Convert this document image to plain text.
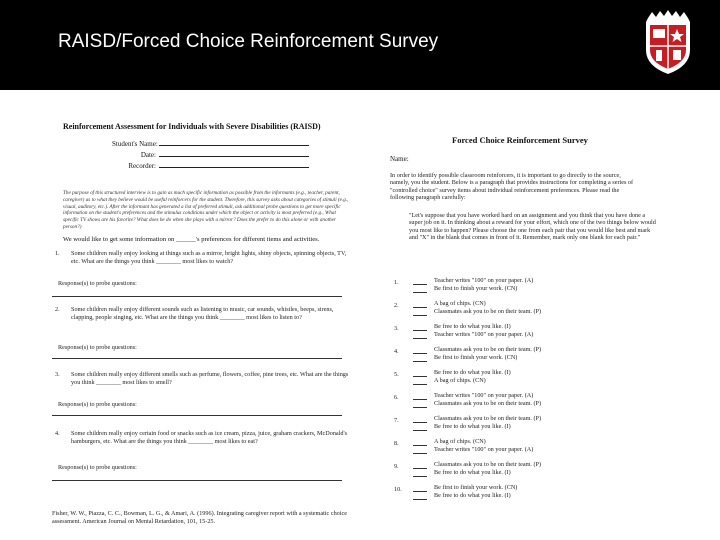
RAISD/Forced Choice Reinforcement Survey
Reinforcement Assessment for Individuals with Severe Disabilities (RAISD)
Student's Name:
Date:
Recorder:
The purpose of this structured interview is to gain as much specific information as possible from the informants (e.g., teacher, parent, caregiver) as to what they believe would be useful reinforcers for the student. Therefore, this survey asks about categories of stimuli (e.g., visual, auditory, etc.). After the informant has generated a list of preferred stimuli, ask additional probe questions to get more specific information on the student's preferences and the stimulus conditions under which the object or activity is most preferred (e.g., What specific TV shows are his favorite? What does he do when she plays with a mirror? Does the prefer to do this alone or with another person?)
We would like to get some information on ______'s preferences for different items and activities.
1. Some children really enjoy looking at things such as a mirror, bright lights, shiny objects, spinning objects, TV, etc. What are the things you think ________ most likes to watch?
Response(s) to probe questions:
2. Some children really enjoy different sounds such as listening to music, car sounds, whistles, beeps, sirens, clapping, people singing, etc. What are the things you think ________ most likes to listen to?
Response(s) to probe questions:
3. Some children really enjoy different smells such as perfume, flowers, coffee, pine trees, etc. What are the things you think ________ most likes to smell?
Response(s) to probe questions:
4. Some children really enjoy certain food or snacks such as ice cream, pizza, juice, graham crackers, McDonald's hamburgers, etc. What are the things you think ________ most likes to eat?
Response(s) to probe questions:
Fisher, W. W., Piazza, C. C., Bowman, L. G., & Amari, A. (1996). Integrating caregiver report with a systematic choice assessment. American Journal on Mental Retardation, 101, 15-25.
Forced Choice Reinforcement Survey
Name:
In order to identify possible classroom reinforcers, it is important to go directly to the source, namely, you the student. Below is a paragraph that provides instructions for completing a series of "controlled choice" survey items about individual reinforcement preferences. Please read the following paragraph carefully:
"Let's suppose that you have worked hard on an assignment and you think that you have done a super job on it. In thinking about a reward for your effort, which one of the two things below would you most like to happen? Please choose the one from each pair that you would like best and mark and "X" in the blank that comes in front of it. Remember, mark only one blank for each pair."
1.	Teacher writes "100" on your paper. (A)
Be first to finish your work. (CN)
2.	A bag of chips. (CN)
Classmates ask you to be on their team. (P)
3.	Be free to do what you like. (I)
Teacher writes "100" on your paper. (A)
4.	Classmates ask you to be on their team. (P)
Be first to finish your work. (CN)
5.	Be free to do what you like. (I)
A bag of chips. (CN)
6.	Teacher writes "100" on your paper. (A)
Classmates ask you to be on their team. (P)
7.	Classmates ask you to be on their team. (P)
Be free to do what you like. (I)
8.	A bag of chips. (CN)
Teacher writes "100" on your paper. (A)
9.	Classmates ask you to be on their team. (P)
Be free to do what you like. (I)
10.	Be first to finish your work. (CN)
Be free to do what you like. (I)
